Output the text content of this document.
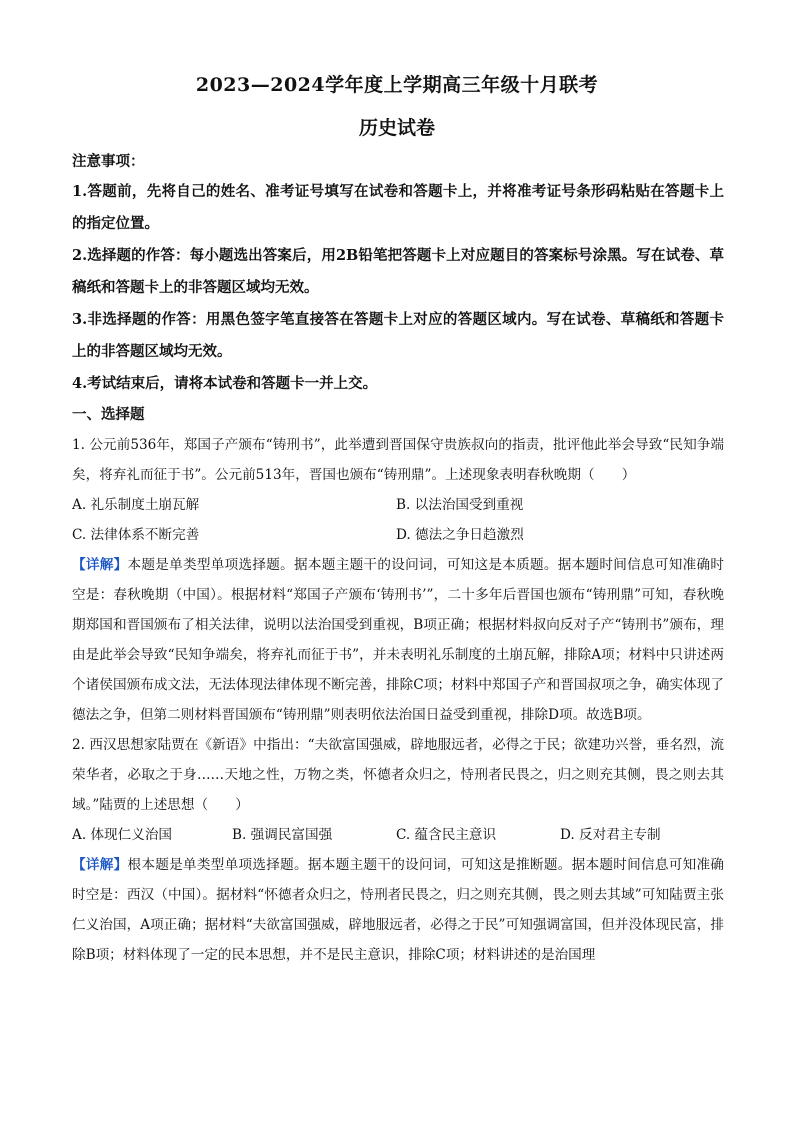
2023—2024学年度上学期高三年级十月联考
历史试卷
注意事项：
1.答题前，先将自己的姓名、准考证号填写在试卷和答题卡上，并将准考证号条形码粘贴在答题卡上的指定位置。
2.选择题的作答：每小题选出答案后，用2B铅笔把答题卡上对应题目的答案标号涂黑。写在试卷、草稿纸和答题卡上的非答题区域均无效。
3.非选择题的作答：用黑色签字笔直接答在答题卡上对应的答题区域内。写在试卷、草稿纸和答题卡上的非答题区域均无效。
4.考试结束后，请将本试卷和答题卡一并上交。
一、选择题
1. 公元前536年，郑国子产颁布“铸刑书”，此举遭到晋国保守贵族叔向的指责，批评他此举会导致“民知争端矣，将弃礼而征于书”。公元前513年，晋国也颁布“铸刑鼎”。上述现象表明春秋晚期（　　）
A. 礼乐制度土崩瓦解	B. 以法治国受到重视
C. 法律体系不断完善	D. 德法之争日趋激烈
【详解】本题是单类型单项选择题。据本题主题干的设问词，可知这是本质题。据本题时间信息可知准确时空是：春秋晚期（中国）。根据材料“郑国子产颁布‘铸刑书’”，二十多年后晋国也颁布“铸刑鼎”可知，春秋晚期郑国和晋国颁布了相关法律，说明以法治国受到重视，B项正确；根据材料叔向反对子产“铸刑书”颁布，理由是此举会导致“民知争端矣，将弃礼而征于书”，并未表明礼乐制度的土崩瓦解，排除A项；材料中只讲述两个诸侯国颁布成文法，无法体现法律体现不断完善，排除C项；材料中郑国子产和晋国叔项之争，确实体现了德法之争，但第二则材料晋国颁布“铸刑鼎”则表明依法治国日益受到重视，排除D项。故选B项。
2. 西汉思想家陆贾在《新语》中指出：“夫欲富国强威，辟地服远者，必得之于民；欲建功兴誉，垂名烈，流荣华者，必取之于身……天地之性，万物之类，怀德者众归之，恃刑者民畏之，归之则充其侧，畏之则去其域。”陆贾的上述思想（　　）
A. 体现仁义治国	B. 强调民富国强	C. 蕴含民主意识	D. 反对君主专制
【详解】根本题是单类型单项选择题。据本题主题干的设问词，可知这是推断题。据本题时间信息可知准确时空是：西汉（中国）。据材料“怀德者众归之，恃刑者民畏之，归之则充其侧，畏之则去其域”可知陆贾主张仁义治国，A项正确；据材料“夫欲富国强威，辟地服远者，必得之于民”可知强调富国，但并没体现民富，排除B项；材料体现了一定的民本思想，并不是民主意识，排除C项；材料讲述的是治国理
